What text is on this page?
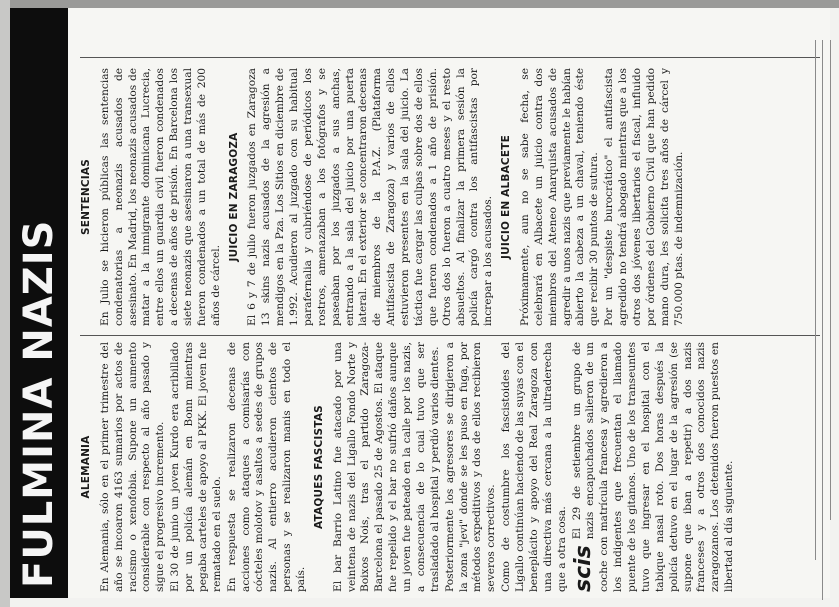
FULMINA NAZIS ALEMANIA En Alemania, sólo en el primer trimestre del año se incoaron 4163 sumarios por actos de racismo o xenofobia. Supone un aumento considerable con respecto al año pasado y sigue el progresivo incremento. El 30 de junio un joven Kurdo era acribillado por un policía alemán en Bonn mientras pegaba carteles de apoyo al PKK. El joven fue rematado en el suelo. En respuesta se realizaron decenas de acciones como ataques a comisarías con cócteles molotov y asaltos a sedes de grupos nazis. Al entierro acudieron cientos de personas y se realizaron manis en todo el país.

ATAQUES FASCISTAS El bar Barrio Latino fue atacado por una veintena de nazis del Ligallo Fondo Norte y Boixos Nois, tras el partido Zaragoza-Barcelona el pasado 25 de Agostos. El ataque fue repelido y el bar no sufrió daños aunque un joven fue pateado en la calle por los nazis, a consecuencia de lo cual tuvo que ser trasladado al hospital y perdió varios dientes. Posteriormente los agresores se dirigieron a la zona "jevi" donde se les puso en fuga, por métodos expeditivos y dos de ellos recibieron severos correctivos. Como de costumbre los fascistoides del Ligallo continúan haciendo de las suyas con el beneplácito y apoyo del Real Zaragoza con una directiva más cercana a la ultraderecha que a otra cosa. scis
El 29 de setiembre un grupo de nazis encapuchados salieron de un coche con matrícula francesa y agredieron a los indigentes que frecuentan el llamado puente de los gitanos. Uno de los transeuntes tuvo que ingresar en el hospital con el tabique nasal roto. Dos horas después la policía detuvo en el lugar de la agresión (se supone que iban a repetir) a dos nazis franceses y a otros dos conocidos nazis zaragozanos. Los detenidos fueron puestos en libertad al día siguiente.

SENTENCIAS En Julio se hicieron públicas las sentencias condenatorias a neonazis acusados de asesinato. En Madrid, los neonazis acusados de matar a la inmigrante dominicana Lucrecia, entre ellos un guardia civil fueron condenados a decenas de años de prisión. En Barcelona los siete neonazis que asesinaron a una transexual fueron condenados a un total de más de 200 años de cárcel.

JUICIO EN ZARAGOZA El 6 y 7 de julio fueron juzgados en Zaragoza 13 skins nazis acusados de la agresión a mendigos en la Pza. Los Sitios en diciembre de 1.992. Acudieron al juzgado con su habitual parafernalia y cubriéndose de periódicos los rostros, amenazaban a los fotógrafos y se paseaban por los juzgados a sus anchas, entrando a la sala del juicio por una puerta lateral. En el exterior se concentraron decenas de miembros de la P.A.Z. (Plataforma Antifascista de Zaragoza) y varios de ellos estuvieron presentes en la sala del juicio. La táctica fue cargar las culpas sobre dos de ellos que fueron condenados a 1 año de prisión. Otros dos lo fueron a cuatro meses y el resto absueltos. Al finalizar la primera sesión la policía cargó contra los antifascistas por increpar a los acusados. JUICIO EN ALBACETE Próximamente, aun no se sabe fecha, se celebrará en Albacete un juicio contra dos miembros del Ateneo Anarquista acusados de agredir a unos nazis que previamente le habían abierto la cabeza a un chaval, teniendo éste que recibir 30 puntos de sutura. Por un "despiste burocrático" el antifascista agredido no tendrá abogado mientras que a los otros dos jóvenes libertarios el fiscal, influido por órdenes del Gobierno Civil que han pedido mano dura, les solicita tres años de cárcel y 750.000 ptas. de indemnización.
